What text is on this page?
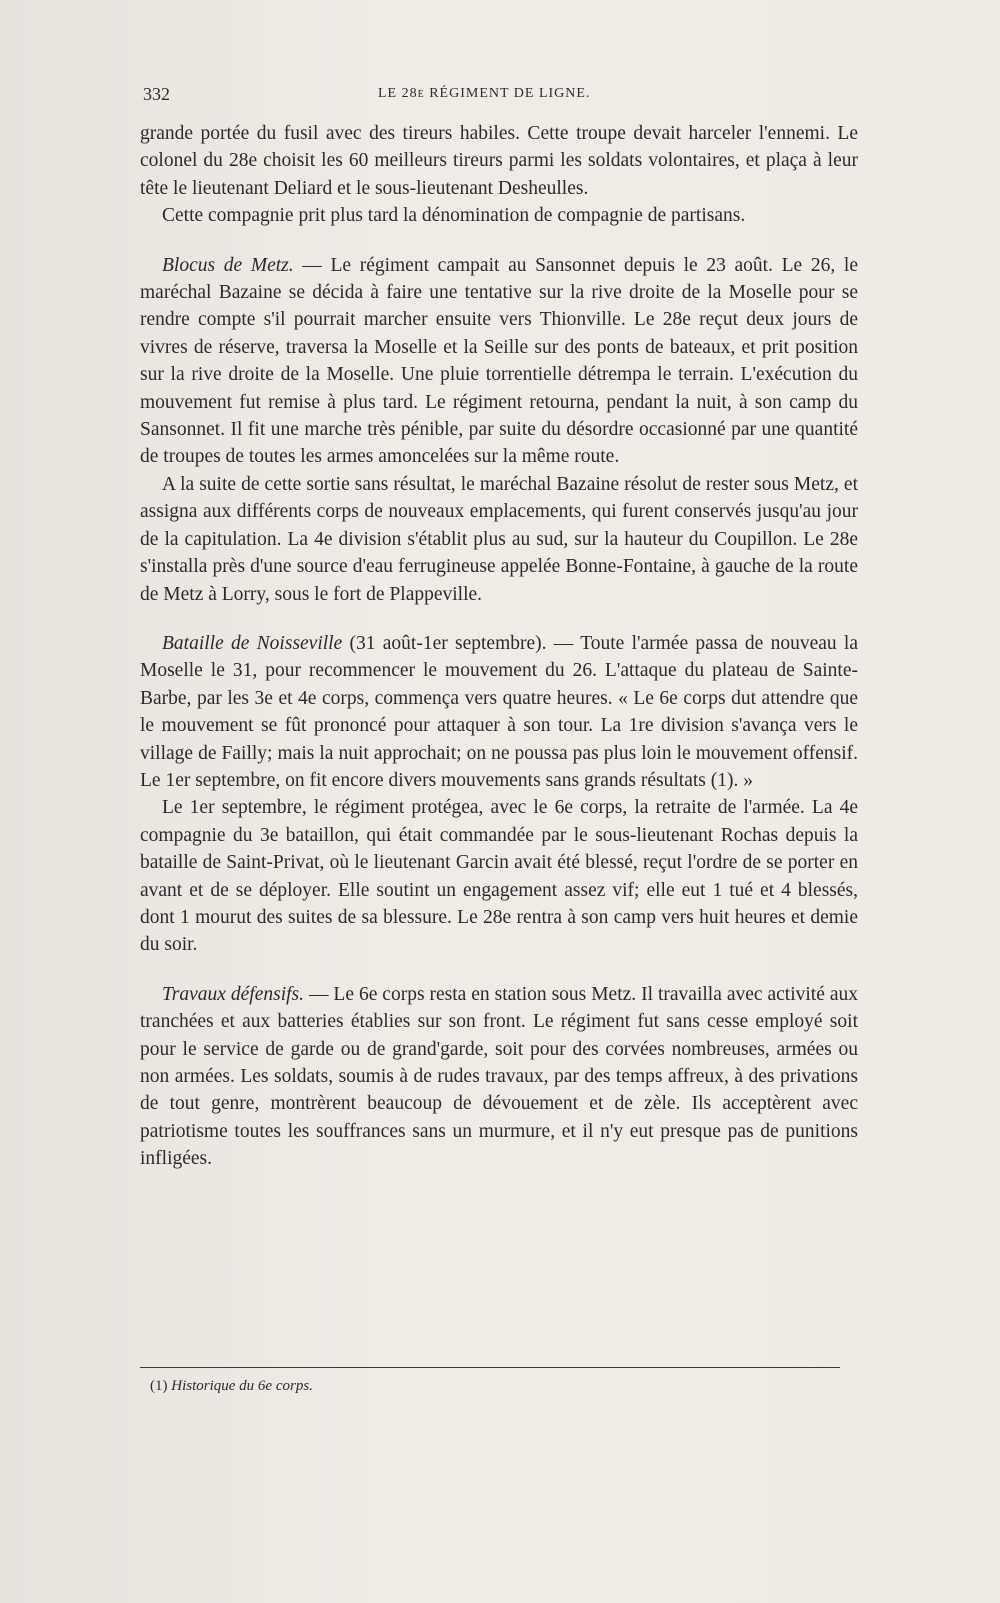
332	LE 28e RÉGIMENT DE LIGNE.

grande portée du fusil avec des tireurs habiles. Cette troupe devait harceler l'ennemi. Le colonel du 28e choisit les 60 meilleurs tireurs parmi les soldats volontaires, et plaça à leur tête le lieutenant Deliard et le sous-lieutenant Desheulles.

Cette compagnie prit plus tard la dénomination de compagnie de partisans.

Blocus de Metz. — Le régiment campait au Sansonnet depuis le 23 août. Le 26, le maréchal Bazaine se décida à faire une tentative sur la rive droite de la Moselle pour se rendre compte s'il pourrait marcher ensuite vers Thionville. Le 28e reçut deux jours de vivres de réserve, traversa la Moselle et la Seille sur des ponts de bateaux, et prit position sur la rive droite de la Moselle. Une pluie torrentielle détrempa le terrain. L'exécution du mouvement fut remise à plus tard. Le régiment retourna, pendant la nuit, à son camp du Sansonnet. Il fit une marche très pénible, par suite du désordre occasionné par une quantité de troupes de toutes les armes amoncelées sur la même route.

A la suite de cette sortie sans résultat, le maréchal Bazaine résolut de rester sous Metz, et assigna aux différents corps de nouveaux emplacements, qui furent conservés jusqu'au jour de la capitulation. La 4e division s'établit plus au sud, sur la hauteur du Coupillon. Le 28e s'installa près d'une source d'eau ferrugineuse appelée Bonne-Fontaine, à gauche de la route de Metz à Lorry, sous le fort de Plappeville.

Bataille de Noisseville (31 août-1er septembre). — Toute l'armée passa de nouveau la Moselle le 31, pour recommencer le mouvement du 26. L'attaque du plateau de Sainte-Barbe, par les 3e et 4e corps, commença vers quatre heures. « Le 6e corps dut attendre que le mouvement se fût prononcé pour attaquer à son tour. La 1re division s'avança vers le village de Failly; mais la nuit approchait; on ne poussa pas plus loin le mouvement offensif. Le 1er septembre, on fit encore divers mouvements sans grands résultats (1). »

Le 1er septembre, le régiment protégea, avec le 6e corps, la retraite de l'armée. La 4e compagnie du 3e bataillon, qui était commandée par le sous-lieutenant Rochas depuis la bataille de Saint-Privat, où le lieutenant Garcin avait été blessé, reçut l'ordre de se porter en avant et de se déployer. Elle soutint un engagement assez vif; elle eut 1 tué et 4 blessés, dont 1 mourut des suites de sa blessure. Le 28e rentra à son camp vers huit heures et demie du soir.

Travaux défensifs. — Le 6e corps resta en station sous Metz. Il travailla avec activité aux tranchées et aux batteries établies sur son front. Le régiment fut sans cesse employé soit pour le service de garde ou de grand'garde, soit pour des corvées nombreuses, armées ou non armées. Les soldats, soumis à de rudes travaux, par des temps affreux, à des privations de tout genre, montrèrent beaucoup de dévouement et de zèle. Ils acceptèrent avec patriotisme toutes les souffrances sans un murmure, et il n'y eut presque pas de punitions infligées.

(1) Historique du 6e corps.
